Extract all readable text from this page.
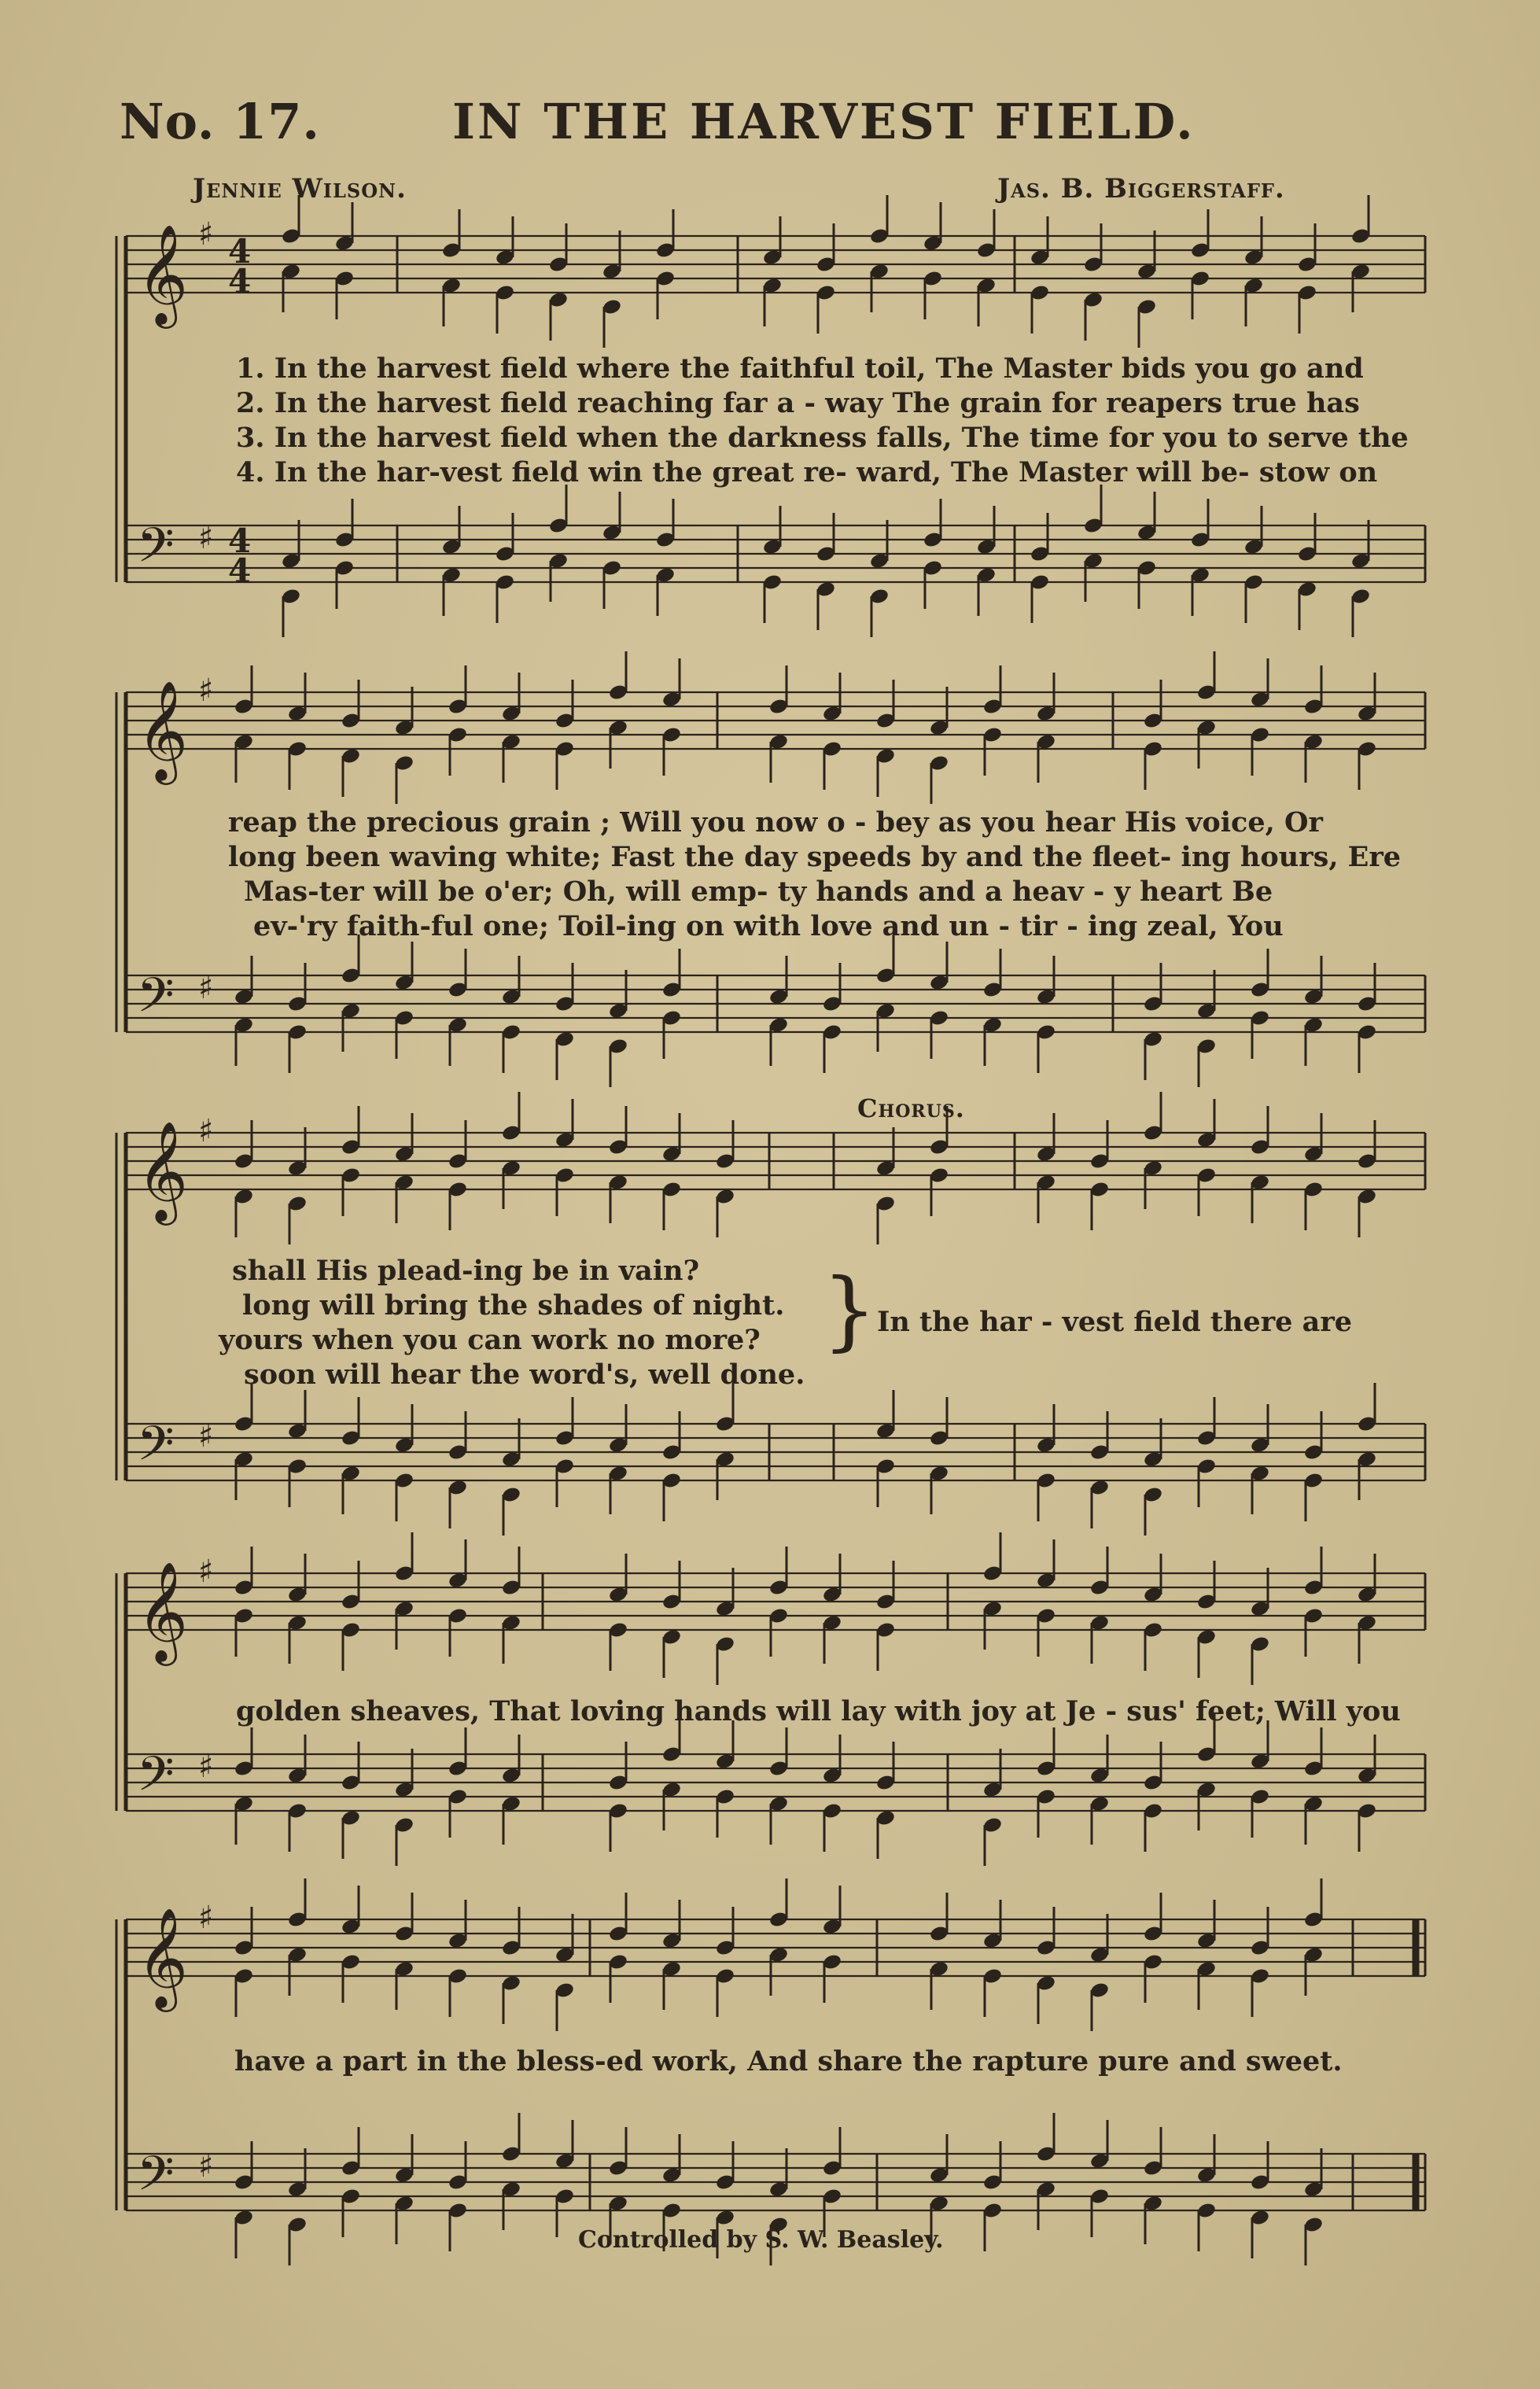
No. 17.	IN THE HARVEST FIELD.
Jennie Wilson.	Jas. B. Biggerstaff.
𝄞 ♯ 4
4
𝄢 ♯ 4
4
𝄞 ♯
𝄢 ♯
𝄞 ♯
𝄢 ♯
𝄞 ♯
𝄢 ♯
𝄞 ♯
𝄢 ♯
1. In the harvest field where the faithful toil, The Master bids you go and
2. In the harvest field reaching far a - way The grain for reapers true has
3. In the harvest field when the darkness falls, The time for you to serve the
4. In the har-vest field win the great re- ward, The Master will be- stow on
reap the precious grain ; Will you now o - bey as you hear His voice, Or
long been waving white; Fast the day speeds by and the fleet- ing hours, Ere
Mas-ter will be o'er; Oh, will emp- ty hands and a heav - y heart Be
ev-'ry faith-ful one; Toil-ing on with love and un - tir - ing zeal, You
Chorus.
shall His plead-ing be in vain?
long will bring the shades of night.
yours when you can work no more?
soon will hear the word's, well done.
} In the har - vest field there are
golden sheaves, That loving hands will lay with joy at Je - sus' feet; Will you
have a part in the bless-ed work, And share the rapture pure and sweet.
Controlled by S. W. Beasley.
